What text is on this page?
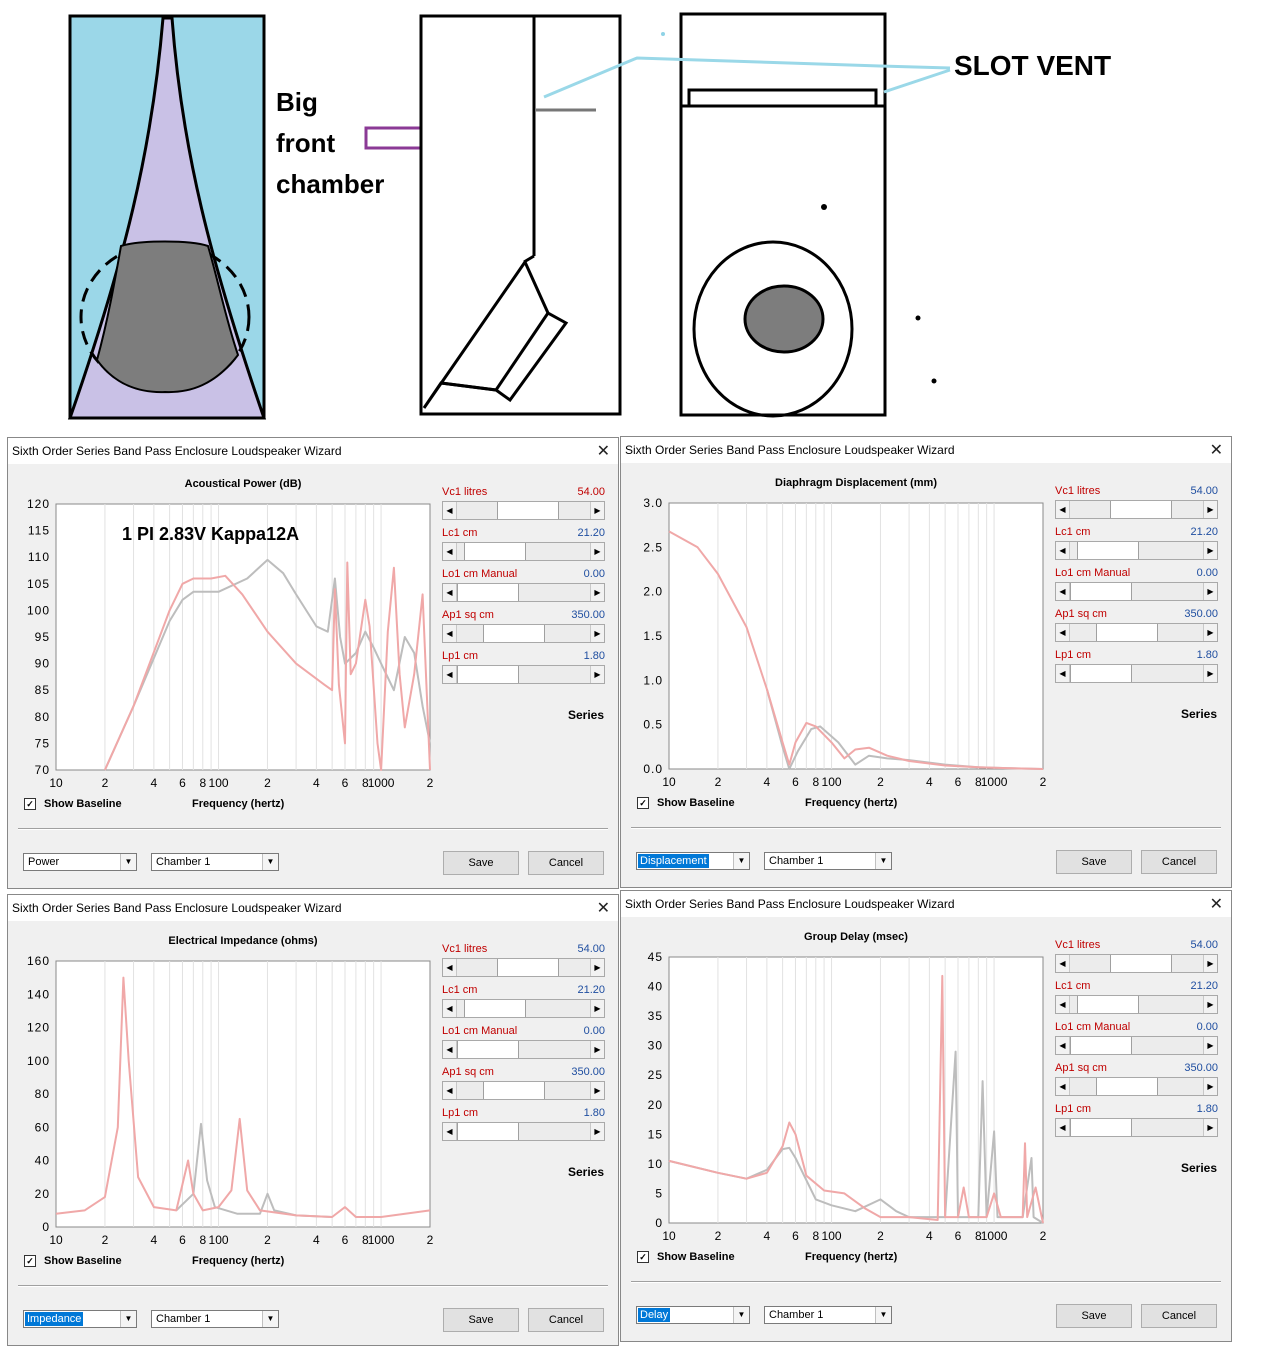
Big
front
chamber
SLOT VENT
Sixth Order Series Band Pass Enclosure Loudspeaker Wizard	✕
120
115
110
105
100
95
90
85
80
75
70
10	2	4 6 8 100	2	4 6 8 1000	2
Acoustical Power (dB)
Series
✓ Show Baseline	Frequency (hertz)
Power	▼	Chamber 1	▼	Save	Cancel
1 PI 2.83V Kappa12A
Vc1 litres	54.00
◀	▶
Lc1 cm	21.20
◀	▶
Lo1 cm Manual	0.00
◀	▶
Ap1 sq cm	350.00
◀	▶
Lp1 cm	1.80
◀	▶
Sixth Order Series Band Pass Enclosure Loudspeaker Wizard	✕
3.0
2.5
2.0
1.5
1.0
0.5
0.0
10	2	4 6 8 100	2	4 6 8 1000	2
Diaphragm Displacement (mm)
Series
✓ Show Baseline	Frequency (hertz)
Displacement	▼	Chamber 1	▼	Save	Cancel
Vc1 litres	54.00
◀	▶
Lc1 cm	21.20
◀	▶
Lo1 cm Manual	0.00
◀	▶
Ap1 sq cm	350.00
◀	▶
Lp1 cm	1.80
◀	▶
Sixth Order Series Band Pass Enclosure Loudspeaker Wizard	✕
160
140
120
100
80
60
40
20
0
10	2	4 6 8 100	2	4 6 8 1000	2
Electrical Impedance (ohms)
Series
✓ Show Baseline	Frequency (hertz)
Impedance	▼	Chamber 1	▼	Save	Cancel
Vc1 litres	54.00
◀	▶
Lc1 cm	21.20
◀	▶
Lo1 cm Manual	0.00
◀	▶
Ap1 sq cm	350.00
◀	▶
Lp1 cm	1.80
◀	▶
Sixth Order Series Band Pass Enclosure Loudspeaker Wizard	✕
45
40
35
30
25
20
15
10
5
0
10	2	4 6 8 100	2	4 6 8 1000	2
Group Delay (msec)
Series
✓ Show Baseline	Frequency (hertz)
Delay	▼	Chamber 1	▼	Save	Cancel
Vc1 litres	54.00
◀	▶
Lc1 cm	21.20
◀	▶
Lo1 cm Manual	0.00
◀	▶
Ap1 sq cm	350.00
◀	▶
Lp1 cm	1.80
◀	▶
